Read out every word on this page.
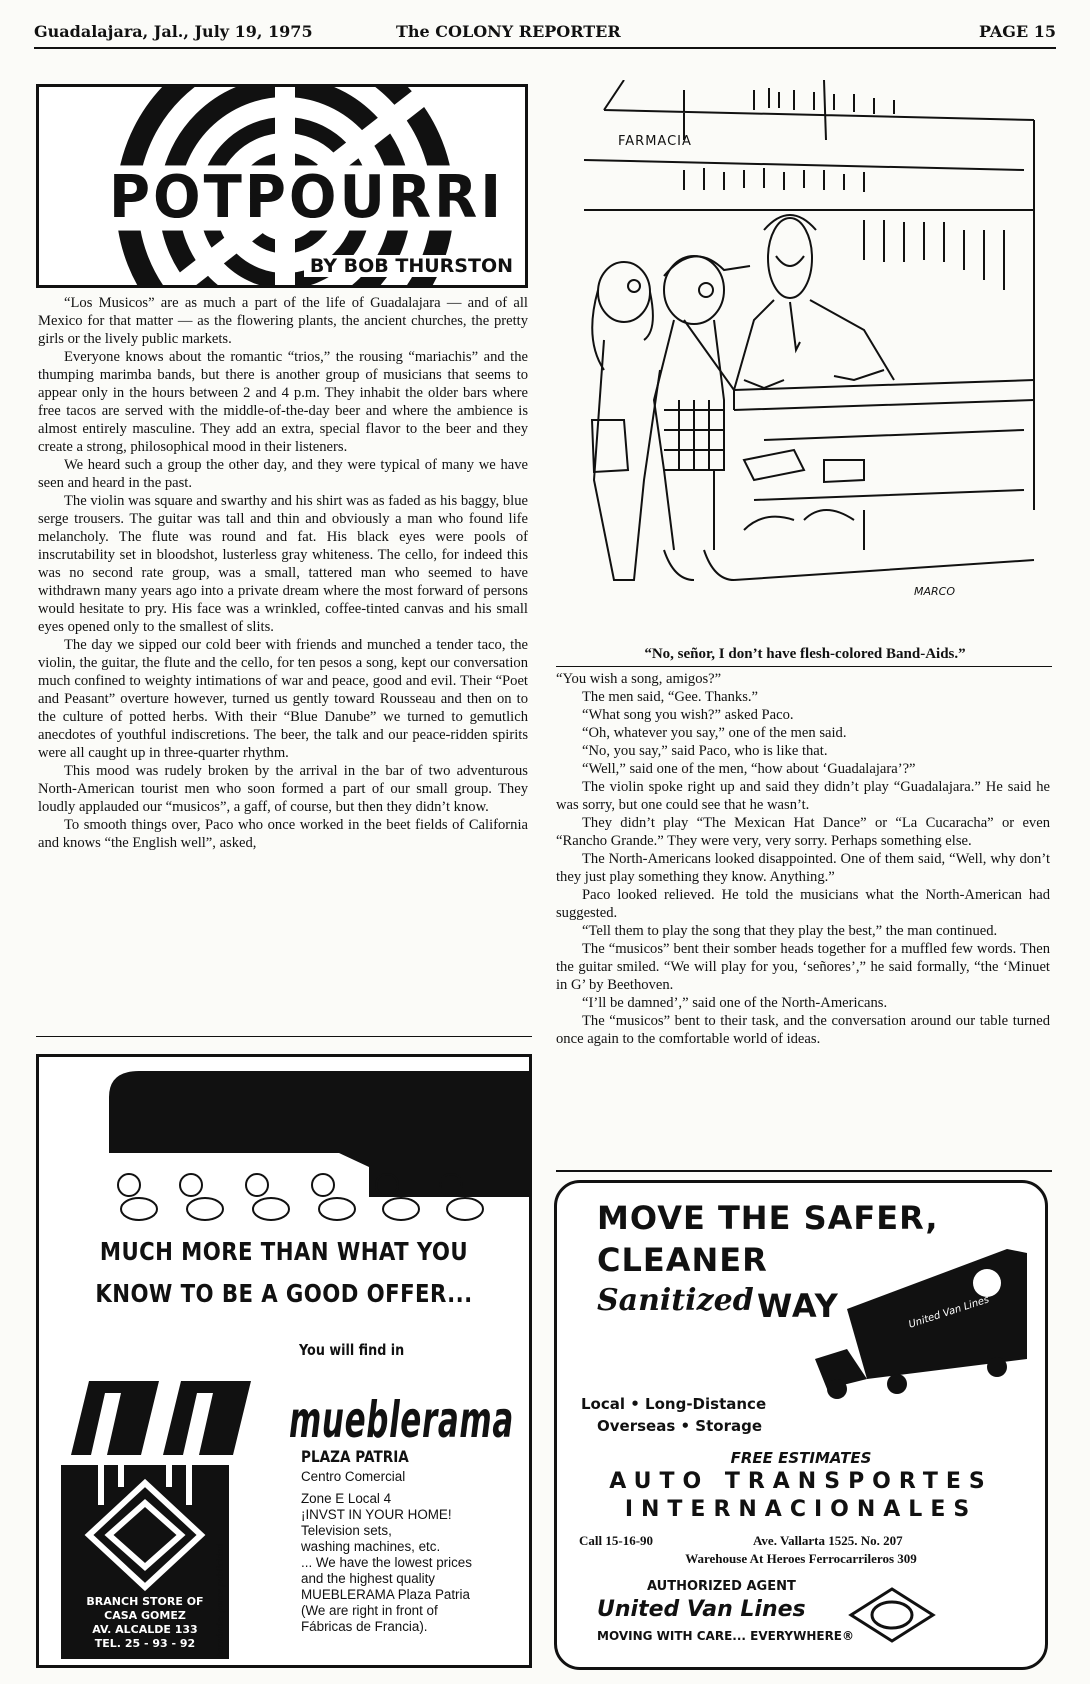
Guadalajara, Jal., July 19, 1975	The COLONY REPORTER	PAGE 15
POTPOURRI
BY BOB THURSTON

“Los Musicos” are as much a part of the life of Guadalajara — and of all Mexico for that matter — as the flowering plants, the ancient churches, the pretty girls or the lively public markets.

Everyone knows about the romantic “trios,” the rousing “mariachis” and the thumping marimba bands, but there is another group of musicians that seems to appear only in the hours between 2 and 4 p.m. They inhabit the older bars where free tacos are served with the middle-of-the-day beer and where the ambience is almost entirely masculine. They add an extra, special flavor to the beer and they create a strong, philosophical mood in their listeners.

We heard such a group the other day, and they were typical of many we have seen and heard in the past.

The violin was square and swarthy and his shirt was as faded as his baggy, blue serge trousers. The guitar was tall and thin and obviously a man who found life melancholy. The flute was round and fat. His black eyes were pools of inscrutability set in bloodshot, lusterless gray whiteness. The cello, for indeed this was no second rate group, was a small, tattered man who seemed to have withdrawn many years ago into a private dream where the most forward of persons would hesitate to pry. His face was a wrinkled, coffee-tinted canvas and his small eyes opened only to the smallest of slits.

The day we sipped our cold beer with friends and munched a tender taco, the violin, the guitar, the flute and the cello, for ten pesos a song, kept our conversation much confined to weighty intimations of war and peace, good and evil. Their “Poet and Peasant” overture however, turned us gently toward Rousseau and then on to the culture of potted herbs. With their “Blue Danube” we turned to gemutlich anecdotes of youthful indiscretions. The beer, the talk and our peace-ridden spirits were all caught up in three-quarter rhythm.

This mood was rudely broken by the arrival in the bar of two adventurous North-American tourist men who soon formed a part of our small group. They loudly applauded our “musicos”, a gaff, of course, but then they didn’t know.

To smooth things over, Paco who once worked in the beet fields of California and knows “the English well”, asked,

FARMACIA
MARCO
“No, señor, I don’t have flesh-colored Band-Aids.”

“You wish a song, amigos?”

The men said, “Gee. Thanks.”

“What song you wish?” asked Paco.

“Oh, whatever you say,” one of the men said.

“No, you say,” said Paco, who is like that.

“Well,” said one of the men, “how about ‘Guadalajara’?”

The violin spoke right up and said they didn’t play “Guadalajara.” He said he was sorry, but one could see that he wasn’t.

They didn’t play “The Mexican Hat Dance” or “La Cucaracha” or even “Rancho Grande.” They were very, very sorry. Perhaps something else.

The North-Americans looked disappointed. One of them said, “Well, why don’t they just play something they know. Anything.”

Paco looked relieved. He told the musicians what the North-American had suggested.

“Tell them to play the song that they play the best,” the man continued.

The “musicos” bent their somber heads together for a muffled few words. Then the guitar smiled. “We will play for you, ‘señores’,” he said formally, “the ‘Minuet in G’ by Beethoven.

“I’ll be damned’,” said one of the North-Americans.

The “musicos” bent to their task, and the conversation around our table turned once again to the comfortable world of ideas.

MUCH MORE THAN WHAT YOU
KNOW TO BE A GOOD OFFER...
You will find in
mueblerama
PLAZA PATRIA
Centro Comercial
Zone E Local 4
¡INVST IN YOUR HOME!
Television sets,
washing machines, etc.
... We have the lowest prices
and the highest quality
MUEBLERAMA Plaza Patria
(We are right in front of
Fábricas de Francia).
BRANCH STORE OF
CASA GOMEZ
AV. ALCALDE 133
TEL. 25 - 93 - 92	hernández ponce publicidad
MOVE THE SAFER,
CLEANER
Sanitized WAY	United Van Lines
Local • Long-Distance
Overseas • Storage
FREE ESTIMATES
AUTO TRANSPORTES
INTERNACIONALES
Call 15-16-90	Ave. Vallarta 1525. No. 207
Warehouse At Heroes Ferrocarrileros 309
AUTHORIZED AGENT
United Van Lines
MOVING WITH CARE... EVERYWHERE®
